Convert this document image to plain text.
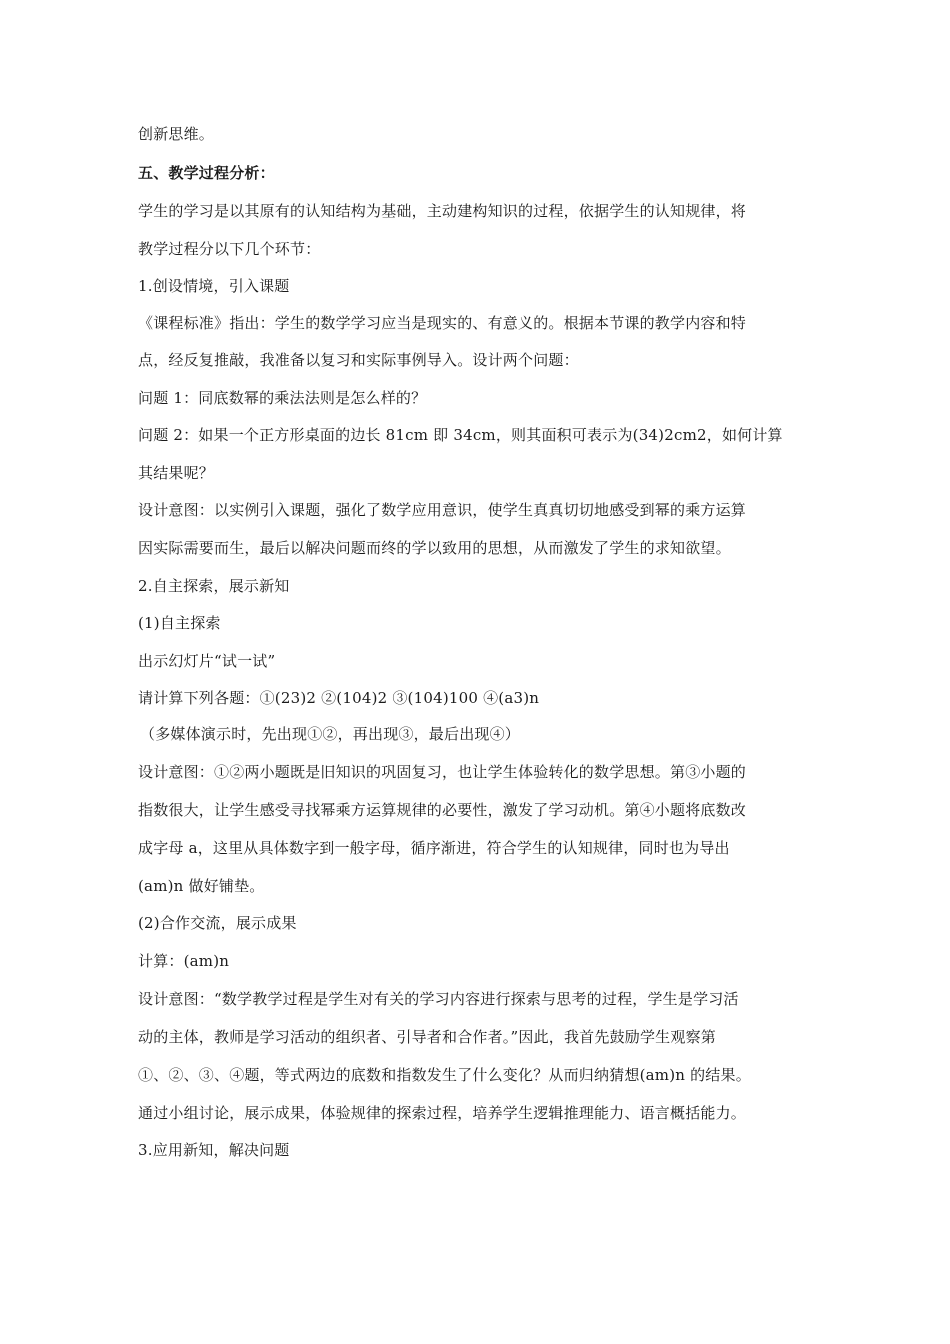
创新思维。
五、教学过程分析：
学生的学习是以其原有的认知结构为基础，主动建构知识的过程，依据学生的认知规律，将
教学过程分以下几个环节：
1.创设情境，引入课题
《课程标准》指出：学生的数学学习应当是现实的、有意义的。根据本节课的教学内容和特
点，经反复推敲，我准备以复习和实际事例导入。设计两个问题：
问题 1：同底数幂的乘法法则是怎么样的？
问题 2：如果一个正方形桌面的边长 81cm 即 34cm，则其面积可表示为(34)2cm2，如何计算
其结果呢？
设计意图：以实例引入课题，强化了数学应用意识，使学生真真切切地感受到幂的乘方运算
因实际需要而生，最后以解决问题而终的学以致用的思想，从而激发了学生的求知欲望。
2.自主探索，展示新知
(1)自主探索
出示幻灯片“试一试”
请计算下列各题：①(23)2 ②(104)2 ③(104)100 ④(a3)n
（多媒体演示时，先出现①②，再出现③，最后出现④）
设计意图：①②两小题既是旧知识的巩固复习，也让学生体验转化的数学思想。第③小题的
指数很大，让学生感受寻找幂乘方运算规律的必要性，激发了学习动机。第④小题将底数改
成字母 a，这里从具体数字到一般字母，循序渐进，符合学生的认知规律，同时也为导出
(am)n 做好铺垫。
(2)合作交流，展示成果
计算：(am)n
设计意图：“数学教学过程是学生对有关的学习内容进行探索与思考的过程，学生是学习活
动的主体，教师是学习活动的组织者、引导者和合作者。”因此，我首先鼓励学生观察第
①、②、③、④题，等式两边的底数和指数发生了什么变化？从而归纳猜想(am)n 的结果。
通过小组讨论，展示成果，体验规律的探索过程，培养学生逻辑推理能力、语言概括能力。
3.应用新知，解决问题
